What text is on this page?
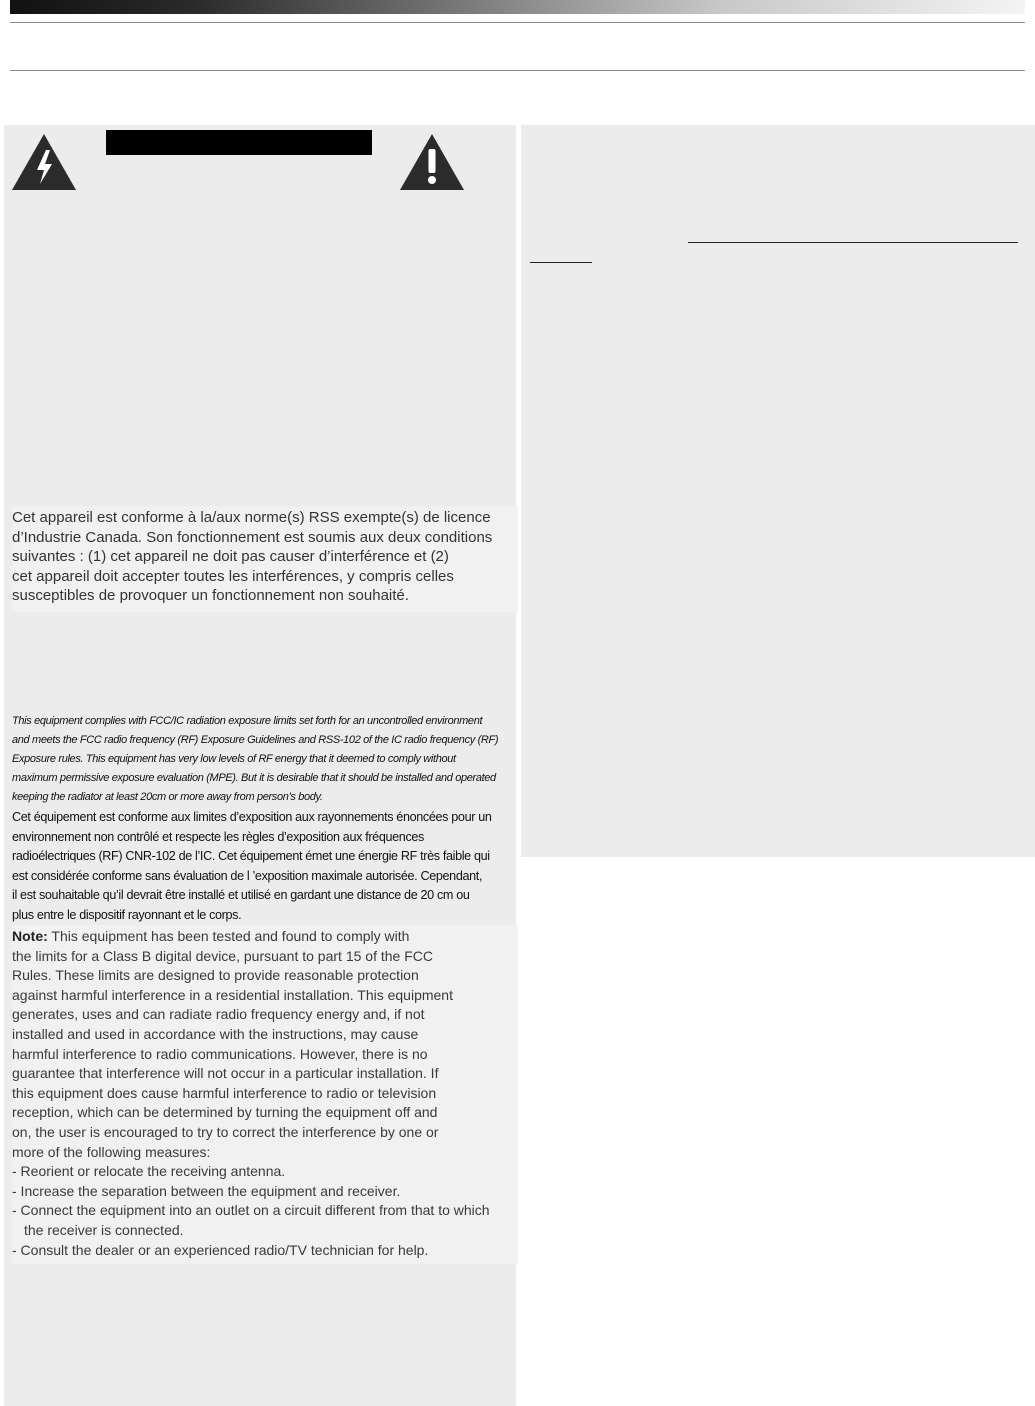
Cet appareil est conforme à la/aux norme(s) RSS exempte(s) de licence

d’Industrie Canada. Son fonctionnement est soumis aux deux conditions

suivantes : (1) cet appareil ne doit pas causer d’interférence et (2)

cet appareil doit accepter toutes les interférences, y compris celles

susceptibles de provoquer un fonctionnement non souhaité.

This equipment complies with FCC/IC radiation exposure limits set forth for an uncontrolled environment

and meets the FCC radio frequency (RF) Exposure Guidelines and RSS-102 of the IC radio frequency (RF)

Exposure rules. This equipment has very low levels of RF energy that it deemed to comply without

maximum permissive exposure evaluation (MPE). But it is desirable that it should be installed and operated

keeping the radiator at least 20cm or more away from person’s body.

Cet équipement est conforme aux limites d’exposition aux rayonnements énoncées pour un

environnement non contrôlé et respecte les règles d’exposition aux fréquences

radioélectriques (RF) CNR-102 de l’IC. Cet équipement émet une énergie RF très faible qui

est considérée conforme sans évaluation de l ’exposition maximale autorisée. Cependant,

il est souhaitable qu’il devrait être installé et utilisé en gardant une distance de 20 cm ou

plus entre le dispositif rayonnant et le corps.

Note: This equipment has been tested and found to comply with

the limits for a Class B digital device, pursuant to part 15 of the FCC

Rules. These limits are designed to provide reasonable protection

against harmful interference in a residential installation. This equipment

generates, uses and can radiate radio frequency energy and, if not

installed and used in accordance with the instructions, may cause

harmful interference to radio communications. However, there is no

guarantee that interference will not occur in a particular installation. If

this equipment does cause harmful interference to radio or television

reception, which can be determined by turning the equipment off and

on, the user is encouraged to try to correct the interference by one or

more of the following measures:

- Reorient or relocate the receiving antenna.
- Increase the separation between the equipment and receiver.
- Connect the equipment into an outlet on a circuit different from that to which the receiver is connected.
- Consult the dealer or an experienced radio/TV technician for help.
